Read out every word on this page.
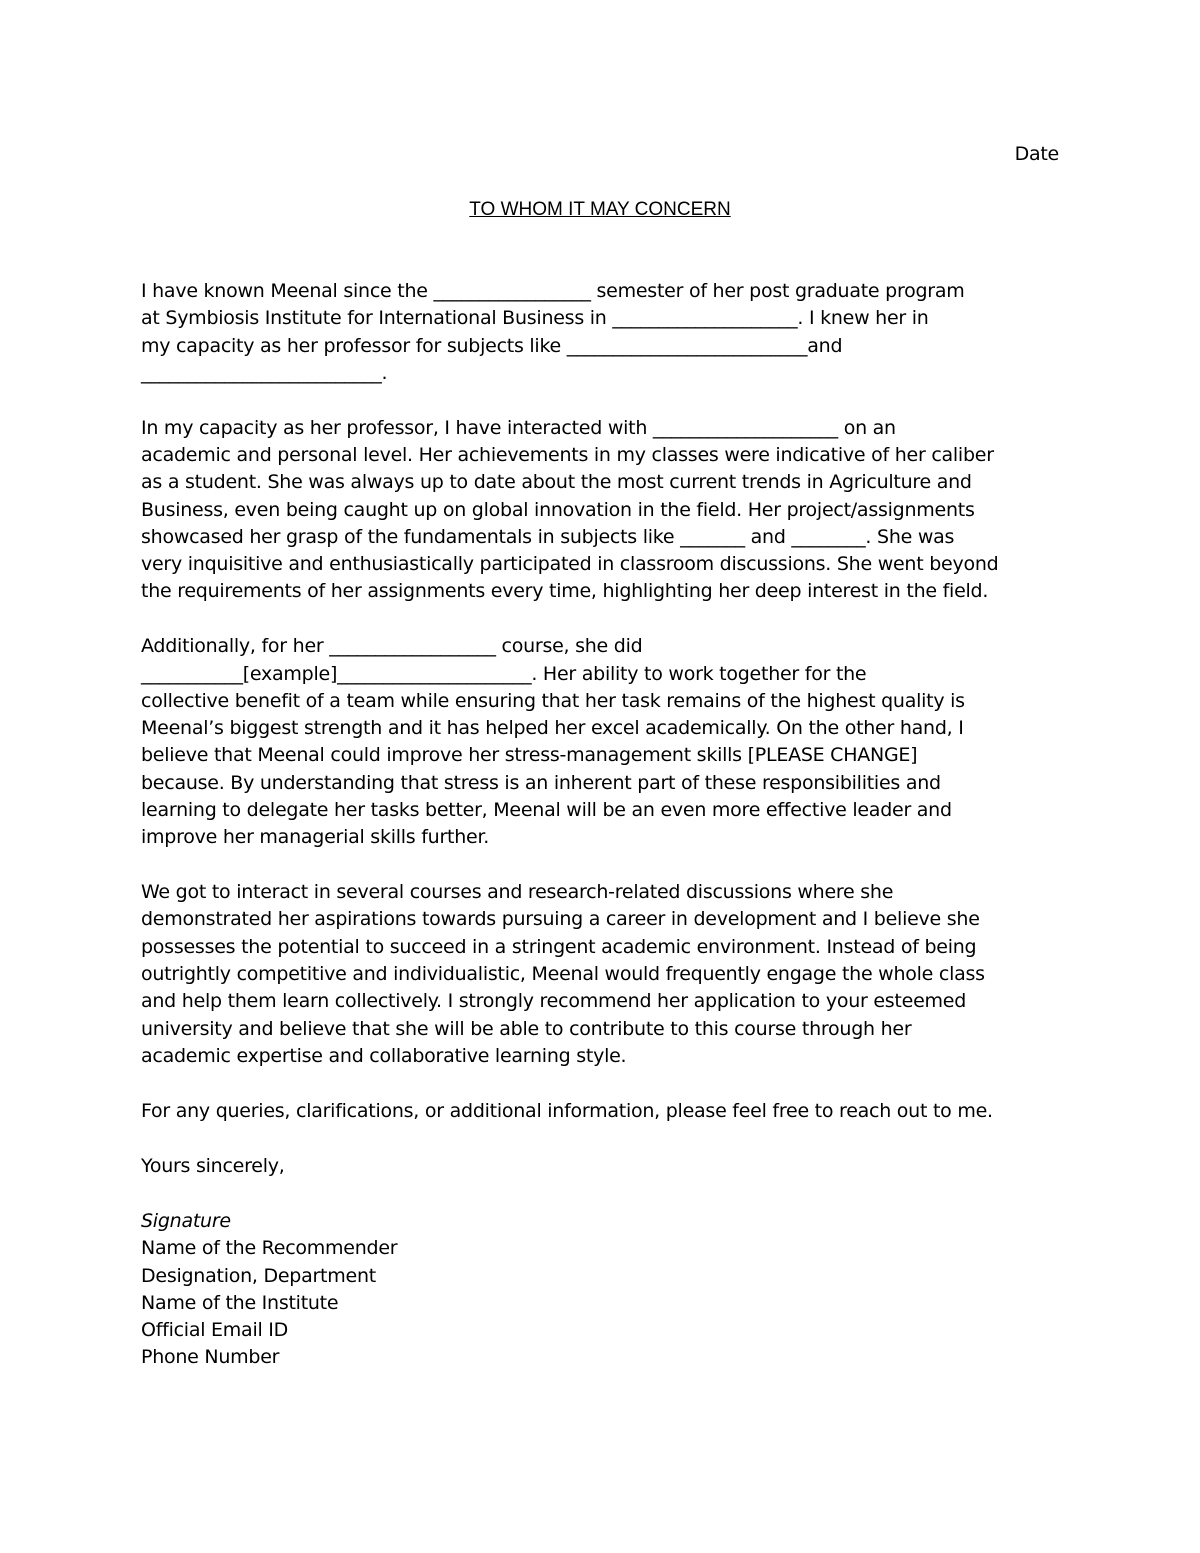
Date
TO WHOM IT MAY CONCERN
I have known Meenal since the _________________ semester of her post graduate program
at Symbiosis Institute for International Business in ____________________. I knew her in
my capacity as her professor for subjects like __________________________and
__________________________.
In my capacity as her professor, I have interacted with ____________________ on an
academic and personal level. Her achievements in my classes were indicative of her caliber
as a student. She was always up to date about the most current trends in Agriculture and
Business, even being caught up on global innovation in the field. Her project/assignments
showcased her grasp of the fundamentals in subjects like _______ and ________. She was
very inquisitive and enthusiastically participated in classroom discussions. She went beyond
the requirements of her assignments every time, highlighting her deep interest in the field.
Additionally, for her __________________ course, she did
___________[example]_____________________. Her ability to work together for the
collective benefit of a team while ensuring that her task remains of the highest quality is
Meenal’s biggest strength and it has helped her excel academically. On the other hand, I
believe that Meenal could improve her stress-management skills [PLEASE CHANGE]
because. By understanding that stress is an inherent part of these responsibilities and
learning to delegate her tasks better, Meenal will be an even more effective leader and
improve her managerial skills further.
We got to interact in several courses and research-related discussions where she
demonstrated her aspirations towards pursuing a career in development and I believe she
possesses the potential to succeed in a stringent academic environment. Instead of being
outrightly competitive and individualistic, Meenal would frequently engage the whole class
and help them learn collectively. I strongly recommend her application to your esteemed
university and believe that she will be able to contribute to this course through her
academic expertise and collaborative learning style.
For any queries, clarifications, or additional information, please feel free to reach out to me.
Yours sincerely,
Signature
Name of the Recommender
Designation, Department
Name of the Institute
Official Email ID
Phone Number
